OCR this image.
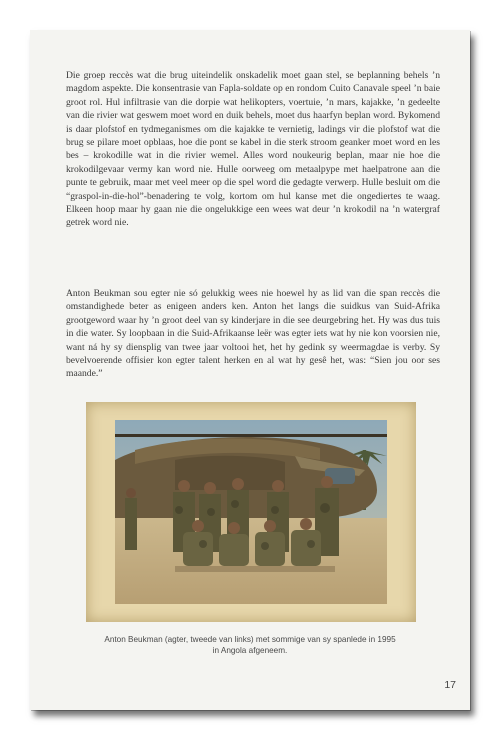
Die groep reccès wat die brug uiteindelik onskadelik moet gaan stel, se beplanning behels ’n magdom aspekte. Die konsentrasie van Fapla-soldate op en rondom Cuito Canavale speel ’n baie groot rol. Hul infiltrasie van die dorpie wat helikopters, voertuie, ’n mars, kajakke, ’n gedeelte van die rivier wat geswem moet word en duik behels, moet dus haarfyn beplan word. Bykomend is daar plofstof en tydmeganismes om die kajakke te vernietig, ladings vir die plofstof wat die brug se pilare moet opblaas, hoe die pont se kabel in die sterk stroom geanker moet word en les bes – krokodille wat in die rivier wemel. Alles word noukeurig beplan, maar nie hoe die krokodilgevaar vermy kan word nie. Hulle oorweeg om metaalpype met haelpatrone aan die punte te gebruik, maar met veel meer op die spel word die gedagte verwerp. Hulle besluit om die “graspol-in-die-hol”-benadering te volg, kortom om hul kanse met die ongediertes te waag. Elkeen hoop maar hy gaan nie die ongelukkige een wees wat deur ’n krokodil na ’n watergraf getrek word nie.

Anton Beukman sou egter nie só gelukkig wees nie hoewel hy as lid van die span reccès die omstandighede beter as enigeen anders ken. Anton het langs die suidkus van Suid-Afrika grootgeword waar hy ’n groot deel van sy kinderjare in die see deurgebring het. Hy was dus tuis in die water. Sy loopbaan in die Suid-Afrikaanse leër was egter iets wat hy nie kon voorsien nie, want ná hy sy diensplig van twee jaar voltooi het, het hy gedink sy weermagdae is verby. Sy bevelvoerende offisier kon egter talent herken en al wat hy gesê het, was: “Sien jou oor ses maande.”

Anton Beukman (agter, tweede van links) met sommige van sy spanlede in 1995
in Angola afgeneem.

17
